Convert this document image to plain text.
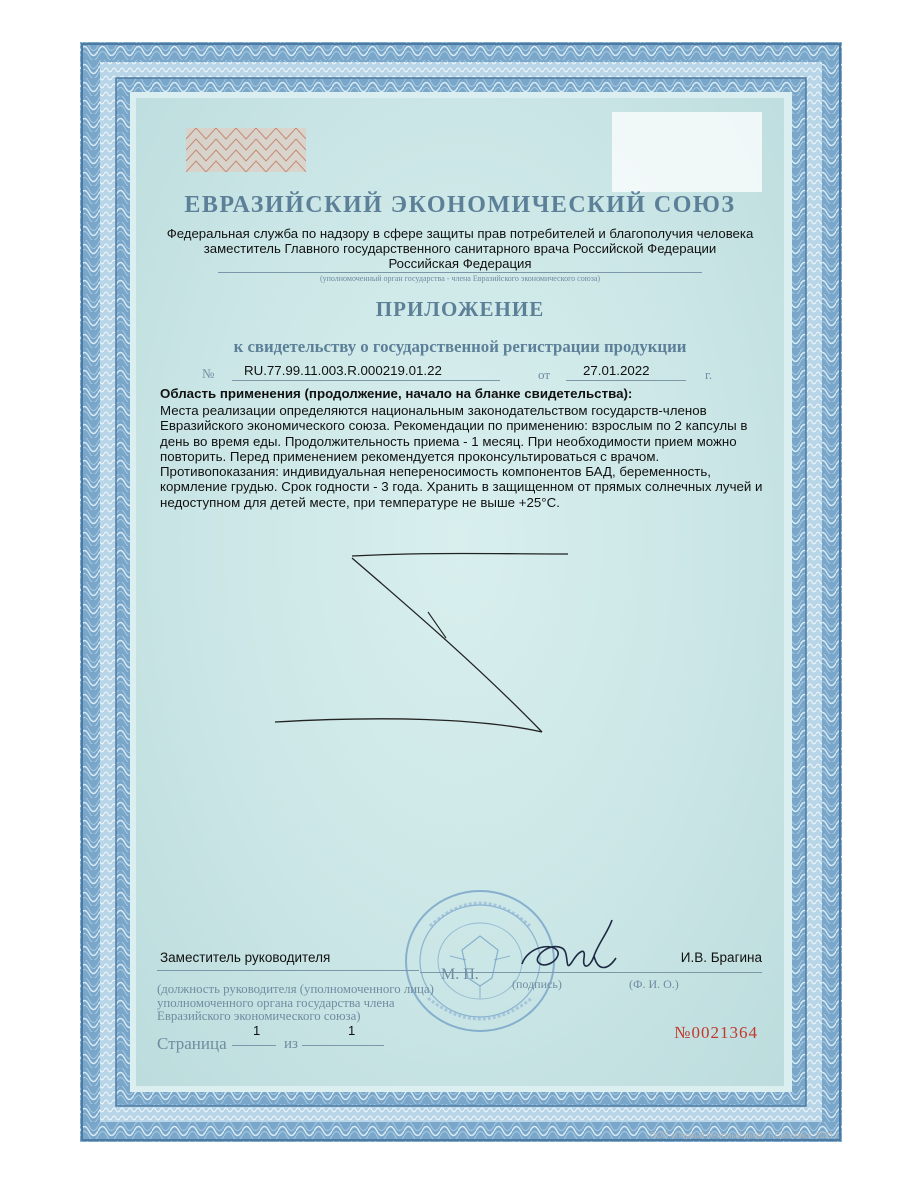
ЕВРАЗИЙСКИЙ ЭКОНОМИЧЕСКИЙ СОЮЗ
Федеральная служба по надзору в сфере защиты прав потребителей и благополучия человека
заместитель Главного государственного санитарного врача Российской Федерации
Российская Федерация
(уполномоченный орган государства - члена Евразийского экономического союза)
ПРИЛОЖЕНИЕ
к свидетельству о государственной регистрации продукции
№ RU.77.99.11.003.R.000219.01.22	от 27.01.2022	г.
Область применения (продолжение, начало на бланке свидетельства):
Места реализации определяются национальным законодательством государств-членов Евразийского экономического союза. Рекомендации по применению: взрослым по 2 капсулы в день во время еды. Продолжительность приема - 1 месяц. При необходимости прием можно повторить. Перед применением рекомендуется проконсультироваться с врачом. Противопоказания: индивидуальная непереносимость компонентов БАД, беременность, кормление грудью. Срок годности - 3 года. Хранить в защищенном от прямых солнечных лучей и недоступном для детей месте, при температуре не выше +25°С.
Заместитель руководителя
(должность руководителя (уполномоченного лица) уполномоченного органа государства члена Евразийского экономического союза)
М. П.
(подпись)
И.В. Брагина
(Ф. И. О.)
Страница
1
из
1	№0021364
ООО «Первый печатный двор» г. Смоленск, 2021 г.
